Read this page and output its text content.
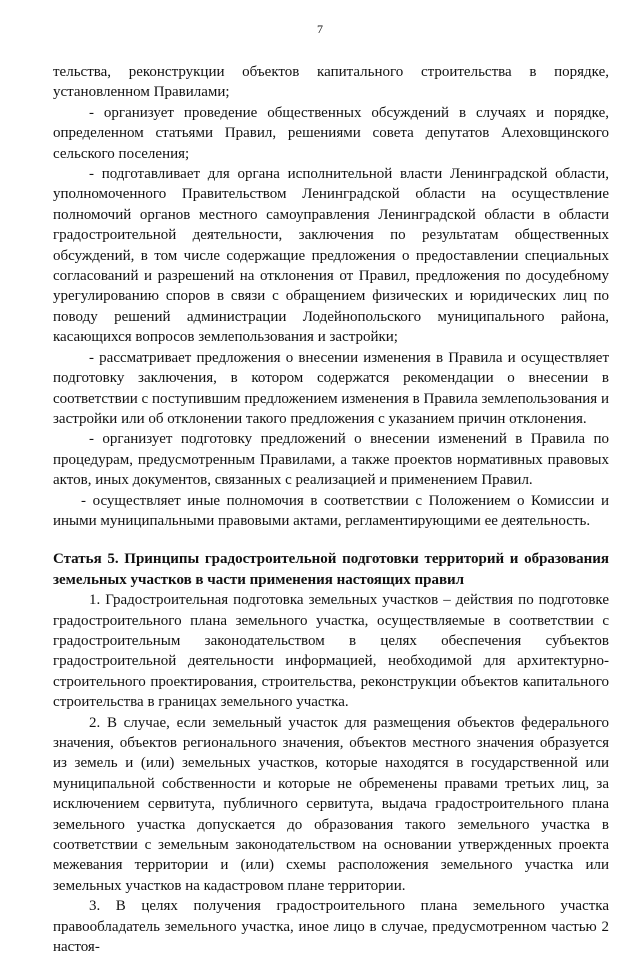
7

тельства, реконструкции объектов капитального строительства в порядке, установленном Правилами;

- организует проведение общественных обсуждений в случаях и порядке, определенном статьями Правил, решениями совета депутатов Алеховщинского сельского поселения;

- подготавливает для органа исполнительной власти Ленинградской области, уполномоченного Правительством Ленинградской области на осуществление полномочий органов местного самоуправления Ленинградской области в области градостроительной деятельности, заключения по результатам общественных обсуждений, в том числе содержащие предложения о предоставлении специальных согласований и разрешений на отклонения от Правил, предложения по досудебному урегулированию споров в связи с обращением физических и юридических лиц по поводу решений администрации Лодейнопольского муниципального района, касающихся вопросов землепользования и застройки;

- рассматривает предложения о внесении изменения в Правила и осуществляет подготовку заключения, в котором содержатся рекомендации о внесении в соответствии с поступившим предложением изменения в Правила землепользования и застройки или об отклонении такого предложения с указанием причин отклонения.

- организует подготовку предложений о внесении изменений в Правила по процедурам, предусмотренным Правилами, а также проектов нормативных правовых актов, иных документов, связанных с реализацией и применением Правил.

- осуществляет иные полномочия в соответствии с Положением о Комиссии и иными муниципальными правовыми актами, регламентирующими ее деятельность.

Статья 5. Принципы градостроительной подготовки территорий и образования земельных участков в части применения настоящих правил

1. Градостроительная подготовка земельных участков – действия по подготовке градостроительного плана земельного участка, осуществляемые в соответствии с градостроительным законодательством в целях обеспечения субъектов градостроительной деятельности информацией, необходимой для архитектурно-строительного проектирования, строительства, реконструкции объектов капитального строительства в границах земельного участка.

2. В случае, если земельный участок для размещения объектов федерального значения, объектов регионального значения, объектов местного значения образуется из земель и (или) земельных участков, которые находятся в государственной или муниципальной собственности и которые не обременены правами третьих лиц, за исключением сервитута, публичного сервитута, выдача градостроительного плана земельного участка допускается до образования такого земельного участка в соответствии с земельным законодательством на основании утвержденных проекта межевания территории и (или) схемы расположения земельного участка или земельных участков на кадастровом плане территории.

3. В целях получения градостроительного плана земельного участка правообладатель земельного участка, иное лицо в случае, предусмотренном частью 2 настоя-
